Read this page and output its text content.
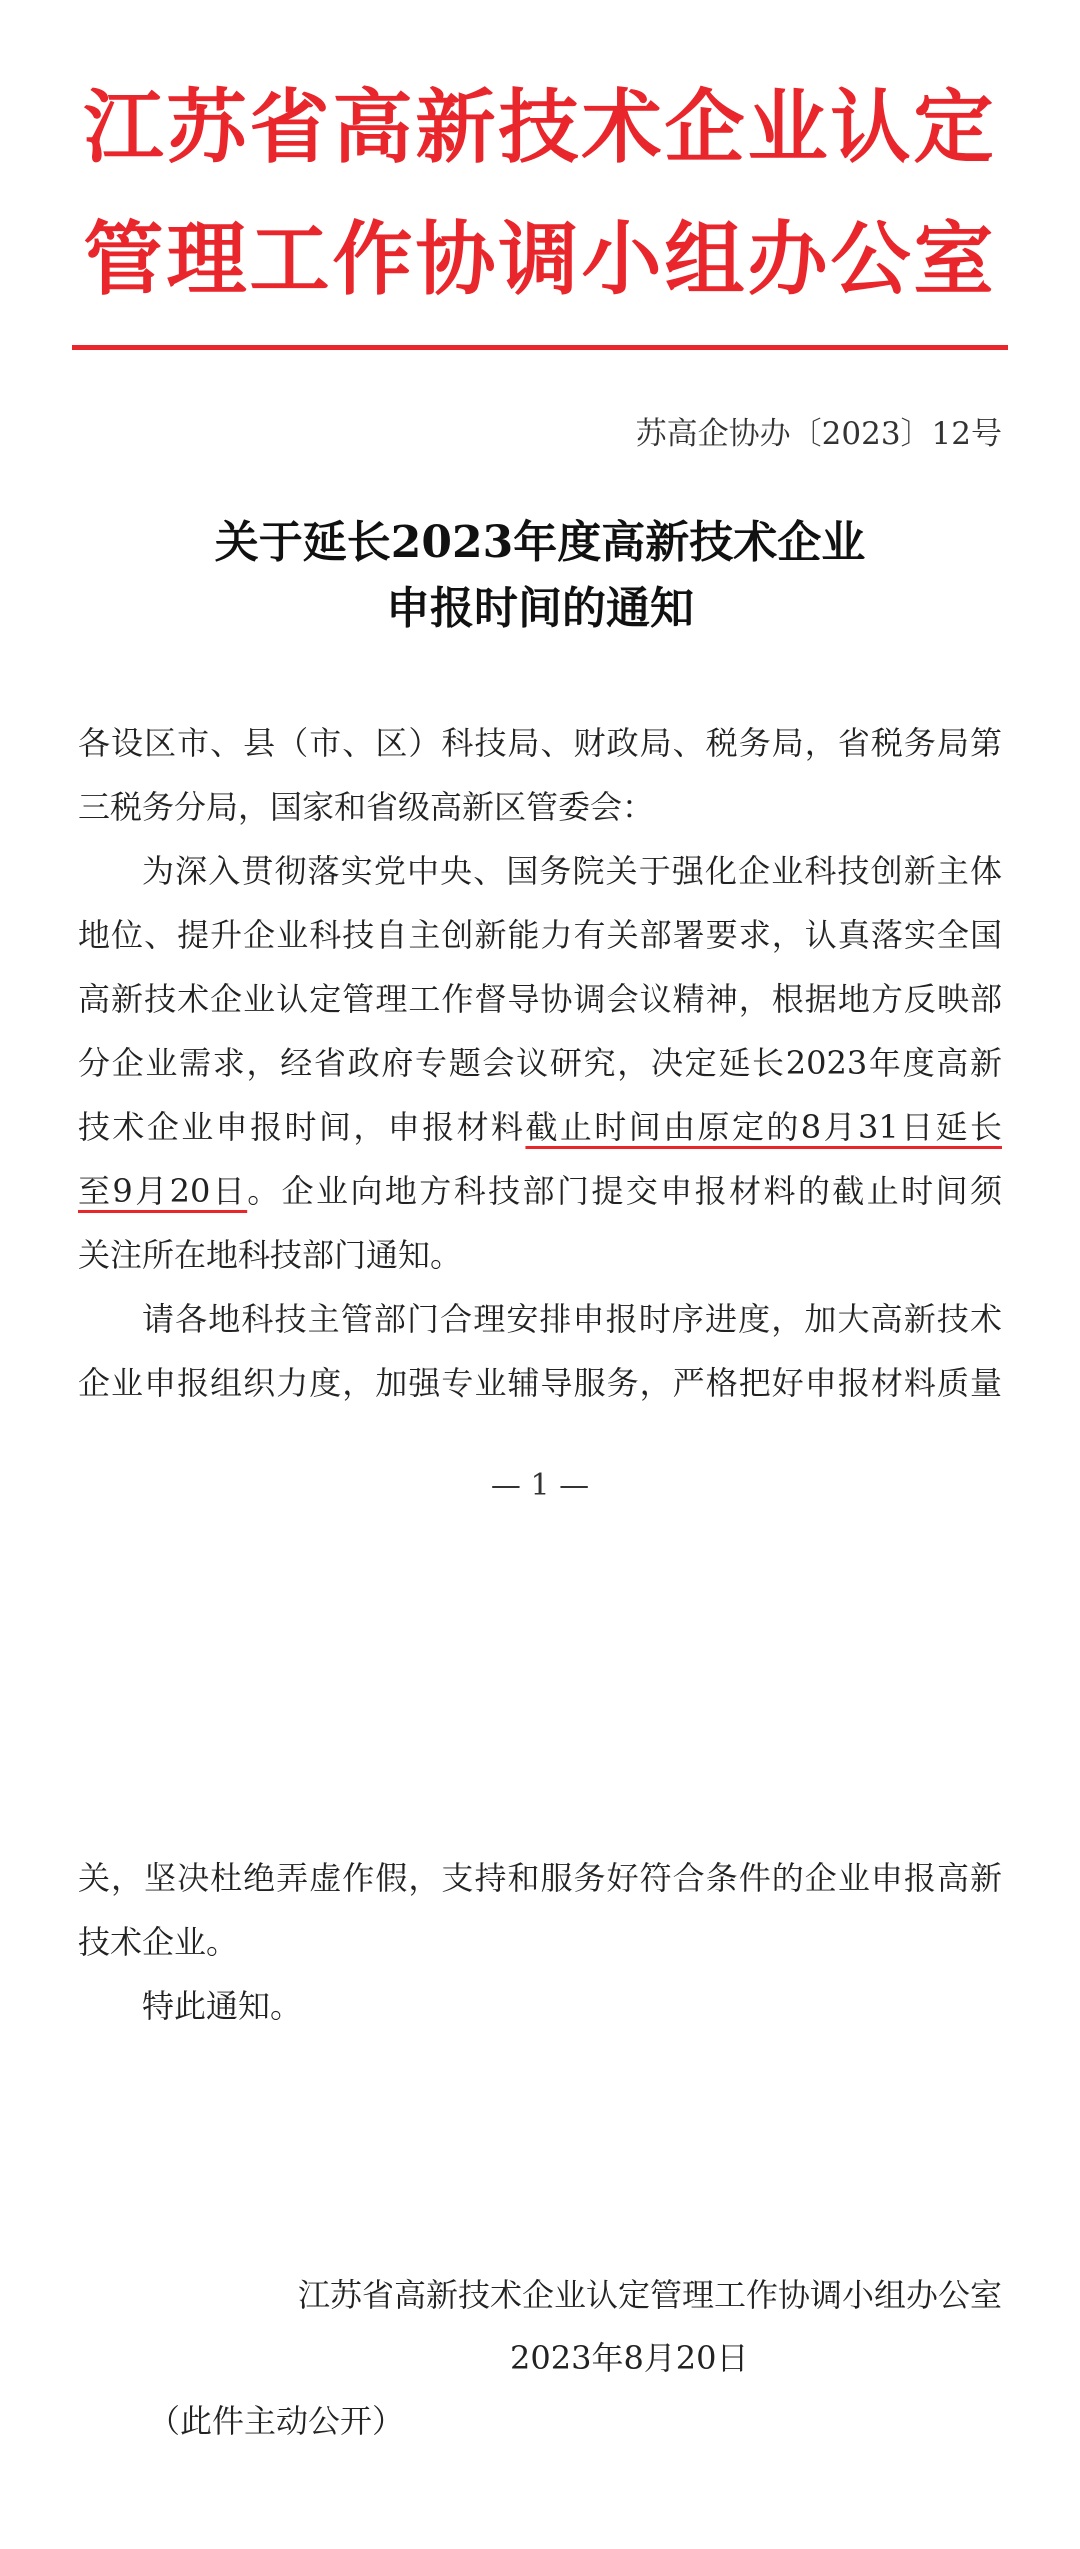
江苏省高新技术企业认定
管理工作协调小组办公室
苏高企协办〔2023〕12号
关于延长2023年度高新技术企业
申报时间的通知
各设区市、县（市、区）科技局、财政局、税务局，省税务局第
三税务分局，国家和省级高新区管委会：
为深入贯彻落实党中央、国务院关于强化企业科技创新主体
地位、提升企业科技自主创新能力有关部署要求，认真落实全国
高新技术企业认定管理工作督导协调会议精神，根据地方反映部
分企业需求，经省政府专题会议研究，决定延长2023年度高新
技术企业申报时间，申报材料截止时间由原定的8月31日延长
至9月20日。企业向地方科技部门提交申报材料的截止时间须
关注所在地科技部门通知。
请各地科技主管部门合理安排申报时序进度，加大高新技术
企业申报组织力度，加强专业辅导服务，严格把好申报材料质量
— 1 —
关，坚决杜绝弄虚作假，支持和服务好符合条件的企业申报高新
技术企业。
特此通知。
江苏省高新技术企业认定管理工作协调小组办公室
2023年8月20日
（此件主动公开）
